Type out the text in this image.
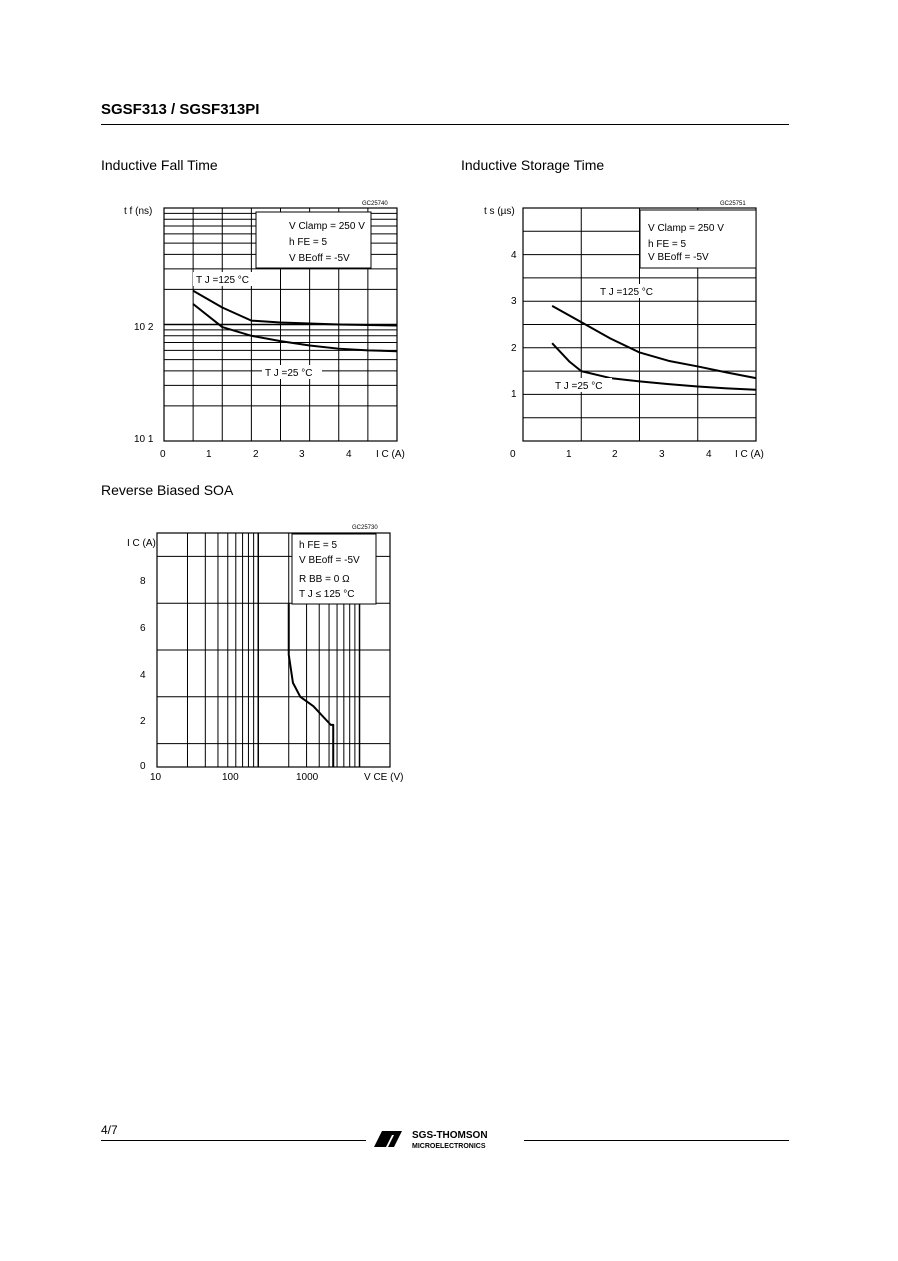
SGSF313 / SGSF313PI
Inductive Fall Time	Inductive Storage Time
Reverse Biased SOA
V Clamp = 250 V
h FE = 5
V BEoff = -5V
GC25740
t f (ns)
10 2
10 1
0	1	2	3	4 I C (A)
T J =125 °C
T J =25 °C
V Clamp = 250 V
h FE = 5
V BEoff = -5V
GC25751
t s (µs)
4
3
2
1
0	1	2	3	4 I C (A)
T J =125 °C
T J =25 °C
h FE = 5
V BEoff = -5V
R BB = 0 Ω
T J ≤ 125 °C
GC25730
I C (A)
8
6
4
2
0
10	100	1000	V CE (V)
4/7	SGS-THOMSON
MICROELECTRONICS
